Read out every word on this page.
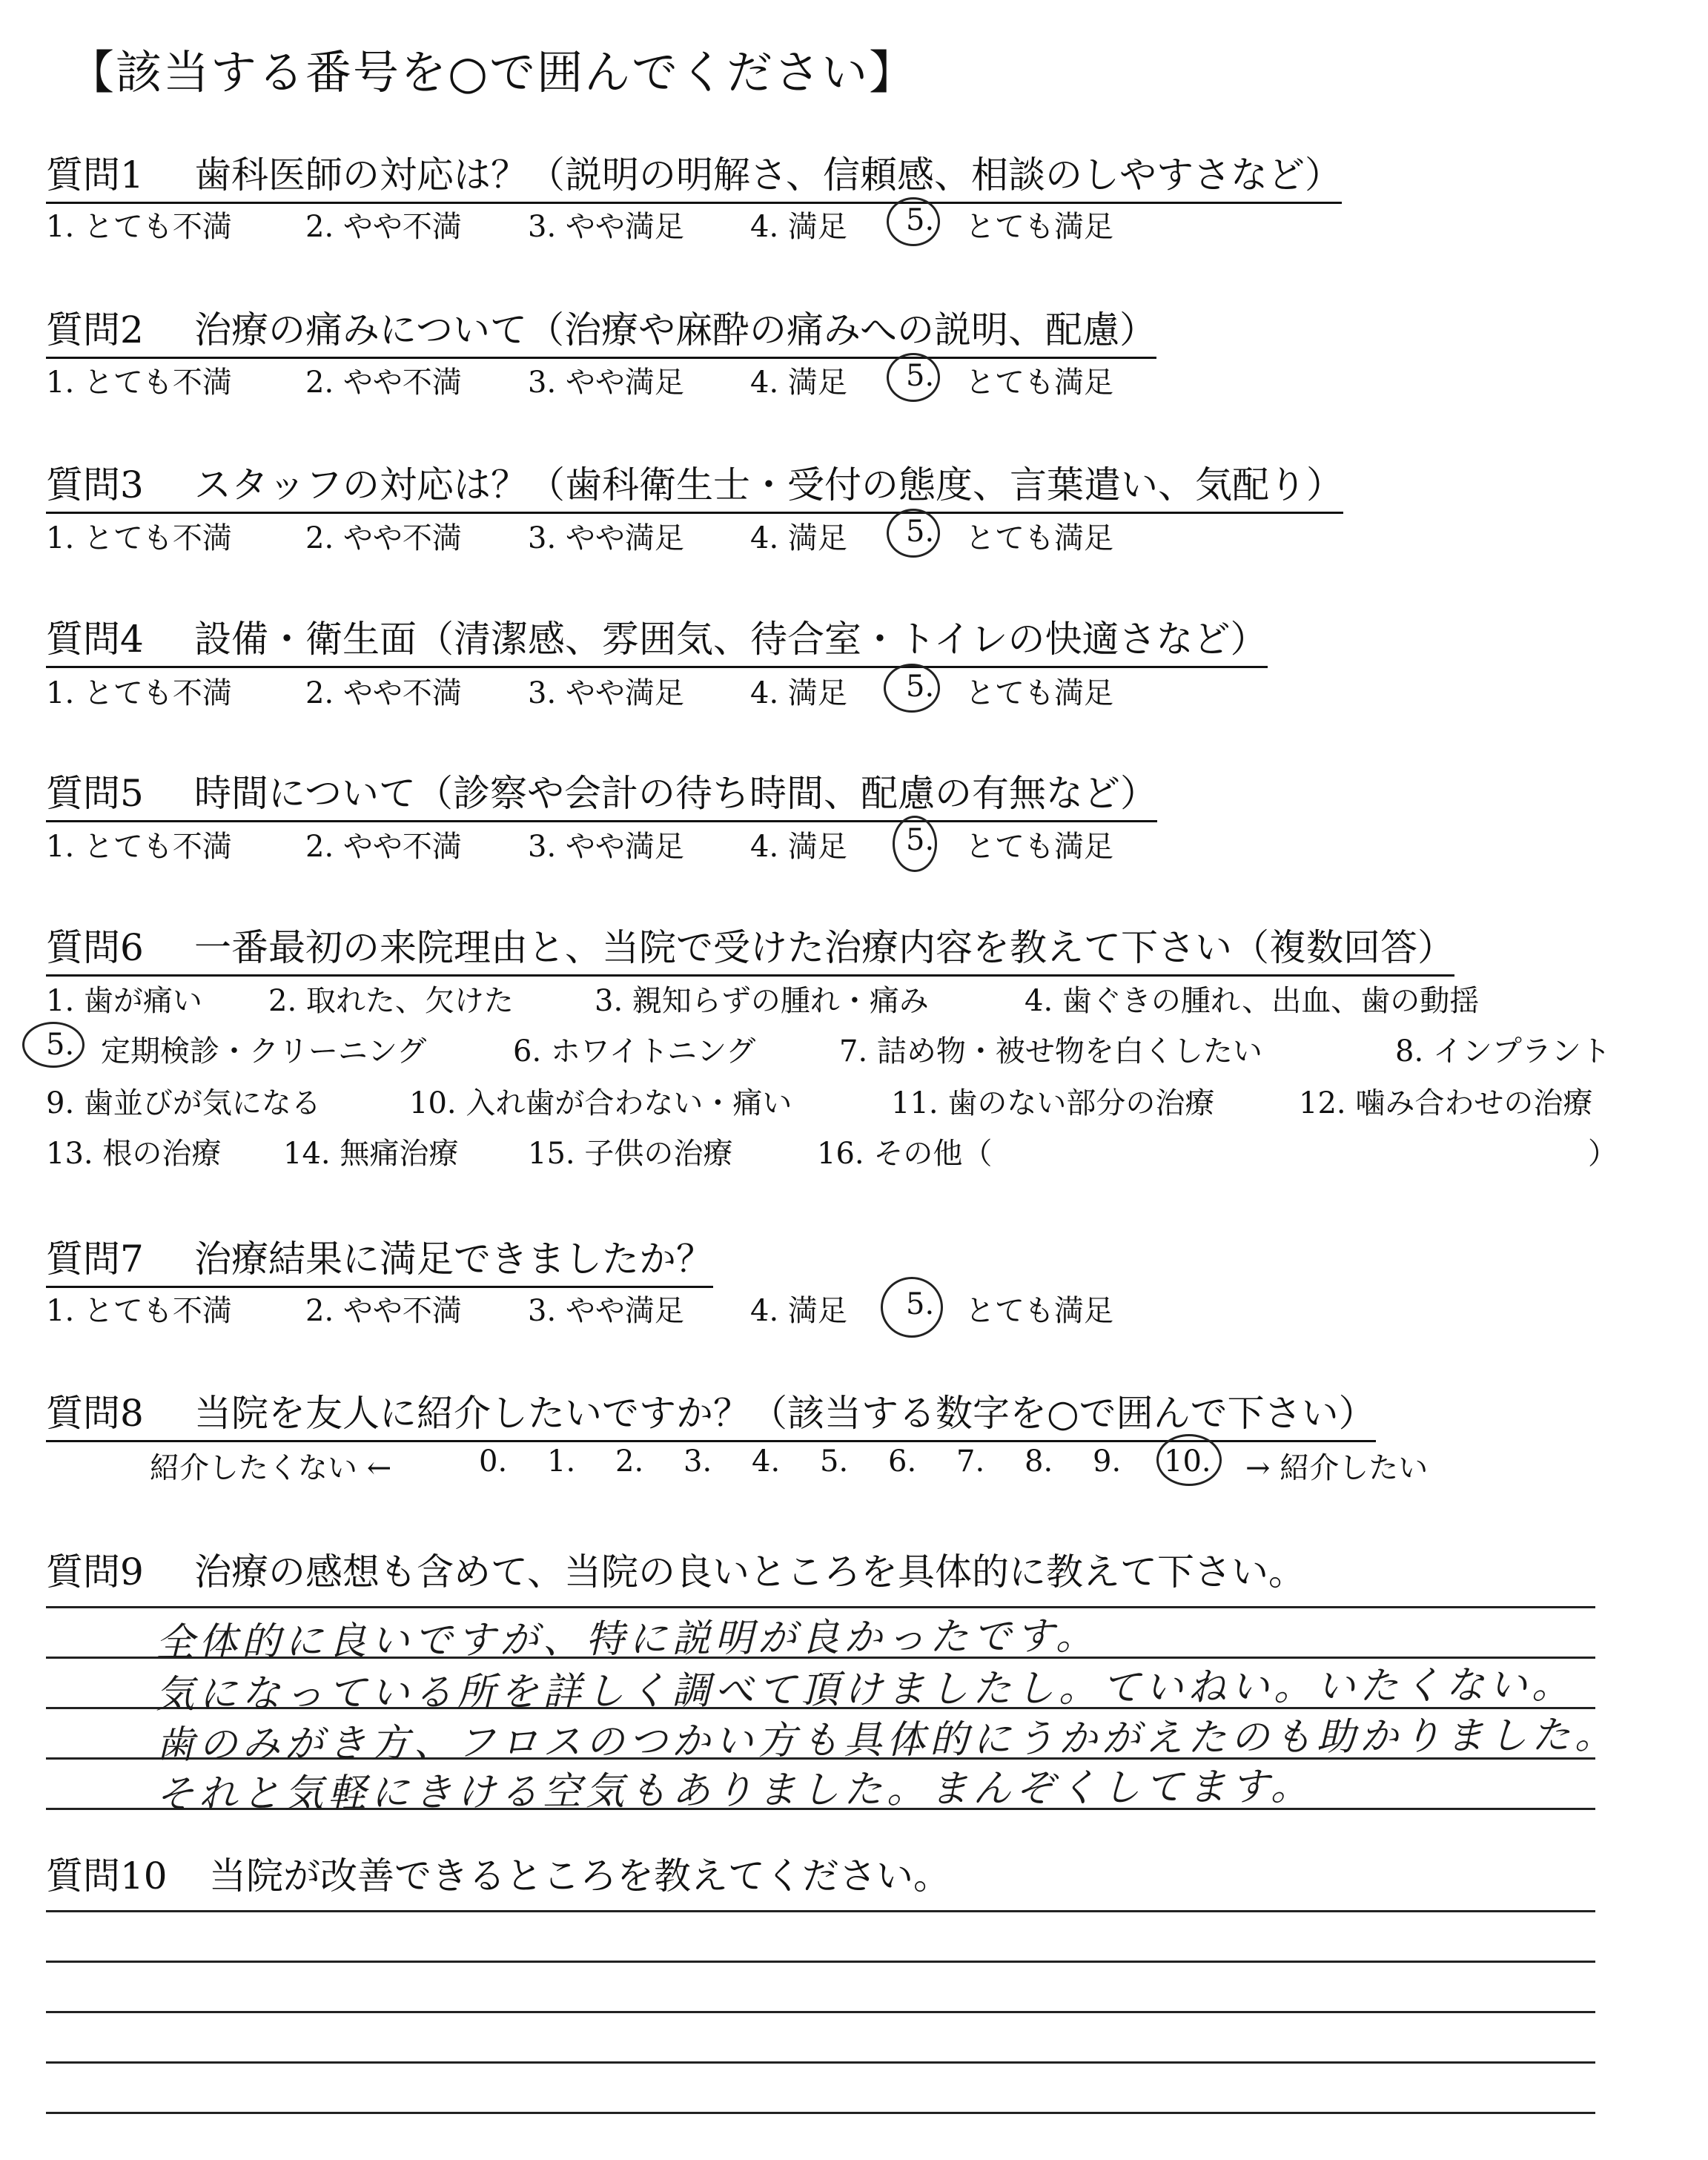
【該当する番号を○で囲んでください】
質問1 歯科医師の対応は？（説明の明解さ、信頼感、相談のしやすさなど）
1. とても不満 2. やや不満 3. やや満足 4. 満足 5. とても満足
質問2 治療の痛みについて（治療や麻酔の痛みへの説明、配慮）
1. とても不満 2. やや不満 3. やや満足 4. 満足 5. とても満足
質問3 スタッフの対応は？（歯科衛生士・受付の態度、言葉遣い、気配り）
1. とても不満 2. やや不満 3. やや満足 4. 満足 5. とても満足
質問4 設備・衛生面（清潔感、雰囲気、待合室・トイレの快適さなど）
1. とても不満 2. やや不満 3. やや満足 4. 満足 5. とても満足
質問5 時間について（診察や会計の待ち時間、配慮の有無など）
1. とても不満 2. やや不満 3. やや満足 4. 満足 5. とても満足
質問6 一番最初の来院理由と、当院で受けた治療内容を教えて下さい（複数回答）
1. 歯が痛い 2. 取れた、欠けた	3. 親知らずの腫れ・痛み	4. 歯ぐきの腫れ、出血、歯の動揺
5. 定期検診・クリーニング	6. ホワイトニング	7. 詰め物・被せ物を白くしたい	8. インプラント
9. 歯並びが気になる	10. 入れ歯が合わない・痛い	11. 歯のない部分の治療	12. 噛み合わせの治療
13. 根の治療 14. 無痛治療 15. 子供の治療	16. その他（	）
質問7 治療結果に満足できましたか？
1. とても不満 2. やや不満 3. やや満足 4. 満足 5. とても満足
質問8 当院を友人に紹介したいですか？（該当する数字を○で囲んで下さい）
紹介したくない ←	0. 1. 2. 3. 4. 5. 6. 7. 8. 9. 10. → 紹介したい
質問9 治療の感想も含めて、当院の良いところを具体的に教えて下さい。
全体的に良いですが、特に説明が良かったです。
気になっている所を詳しく調べて頂けましたし。ていねい。いたくない。
歯のみがき方、フロスのつかい方も具体的にうかがえたのも助かりました。
それと気軽にきける空気もありました。まんぞくしてます。
質問10 当院が改善できるところを教えてください。
